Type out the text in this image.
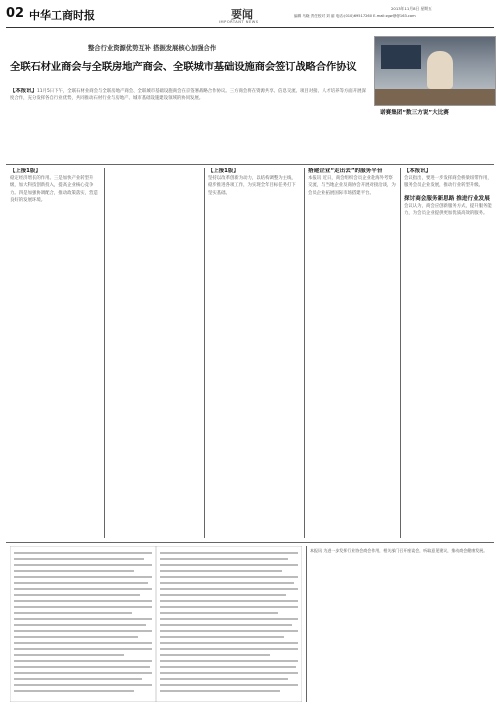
02 中华工商时报	要闻
IMPORTANT NEWS
2013年11月8日 星期五
编辑 马晓 责任校对 刘 丽 电话:(010)69517260 E-mail:zgw@@163.com
整合行业资源优势互补 搭振发展核心加强合作
全联石材业商会与全联房地产商会、全联城市基础设施商会签订战略合作协议
【本报讯】11月5日下午，全联石材业商会与全联房地产商会、全联城市基础设施商会在京签署战略合作协议。三方商会将在资源共享、信息交流、项目对接、人才培养等方面开展深度合作，充分发挥各自行业优势，共同推动石材行业与房地产、城市基础设施建设领域的协同发展。
诺赛集团“数三方说”大比赛
【上接1版】
稳定经济增长的作用。三是加快产业转型升级，加大科技创新投入，提高企业核心竞争力。四是加强协调配合，推动政策落实，营造良好的发展环境。
【上接1版】
坚持以改革创新为动力，以结构调整为主线，稳步推进各项工作，为实现全年目标任务打下坚实基础。
搭建企业“走出去”的服务平台
本报讯 近日，商会组织会员企业赴海外考察交流，与当地企业及商协会开展对接洽谈，为会员企业拓展国际市场搭建平台。
【本报讯】
会议指出，要进一步发挥商会桥梁纽带作用，服务会员企业发展，推动行业转型升级。
探讨商会服务新思路 推进行业发展
会议认为，商会应创新服务方式，提升服务能力，为会员企业提供更加优质高效的服务。
本报讯 为进一步发挥行业协会商会作用，相关部门召开座谈会，听取意见建议，推动商会健康发展。
